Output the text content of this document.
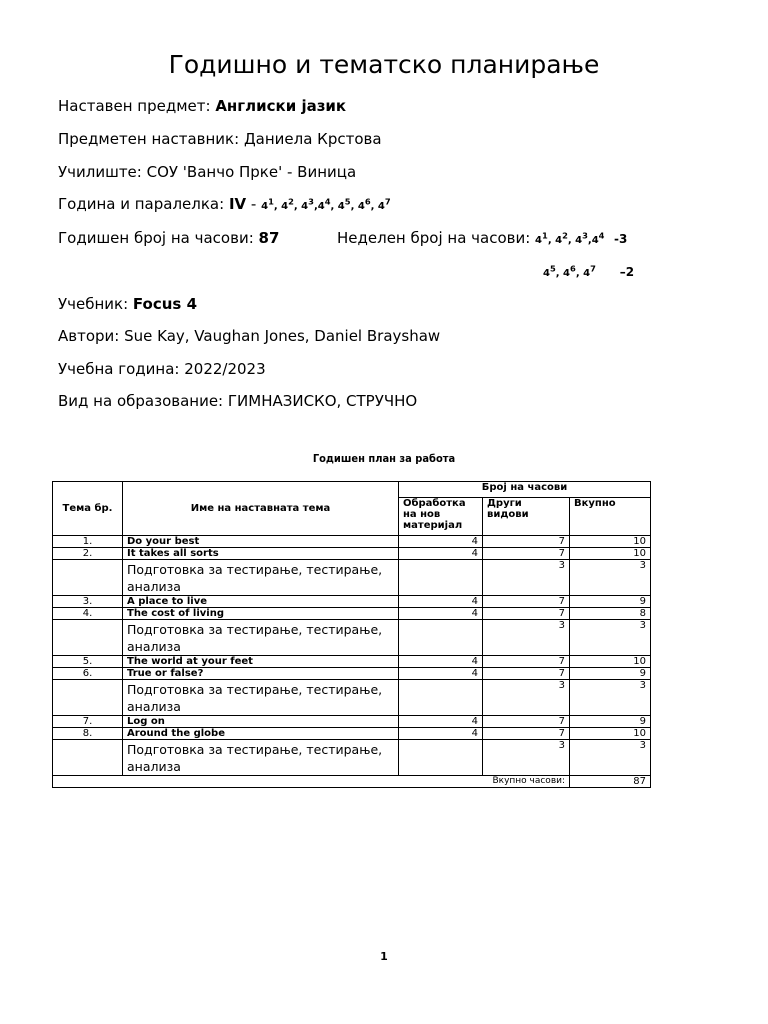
Годишно и тематско планирање
Наставен предмет: Англиски јазик
Предметен наставник: Даниела Крстова
Училиште: СОУ 'Ванчо Прке' - Виница
Година и паралелка: IV - $4^1$, $4^2$, $4^3,4^4$, $4^5$, $4^6$, $4^7$
Годишен број на часови: 87	Неделен број на часови: $4^1$, $4^2$, $4^3,4^4$ -3
$4^5$, $4^6$, $4^7$ –2
Учебник: Focus 4
Автори: Sue Kay, Vaughan Jones, Daniel Brayshaw
Учебна година: 2022/2023
Вид на образование: ГИМНАЗИСКО, СТРУЧНО
Годишен план за работа
Тема бр.	Име на наставната тема	Број на часови		
		Обработка на нов материјал	Други видови	Вкупно
1.	Do your best	4	7	10
2.	It takes all sorts	4	7	10
	Подготовка за тестирање, тестирање, анализа		3	3
3.	A place to live	4	7	9
4.	The cost of living	4	7	8
	Подготовка за тестирање, тестирање, анализа		3	3
5.	The world at your feet	4	7	10
6.	True or false?	4	7	9
	Подготовка за тестирање, тестирање, анализа		3	3
7.	Log on	4	7	9
8.	Around the globe	4	7	10
	Подготовка за тестирање, тестирање, анализа		3	3
Вкупно часови:				87
1
